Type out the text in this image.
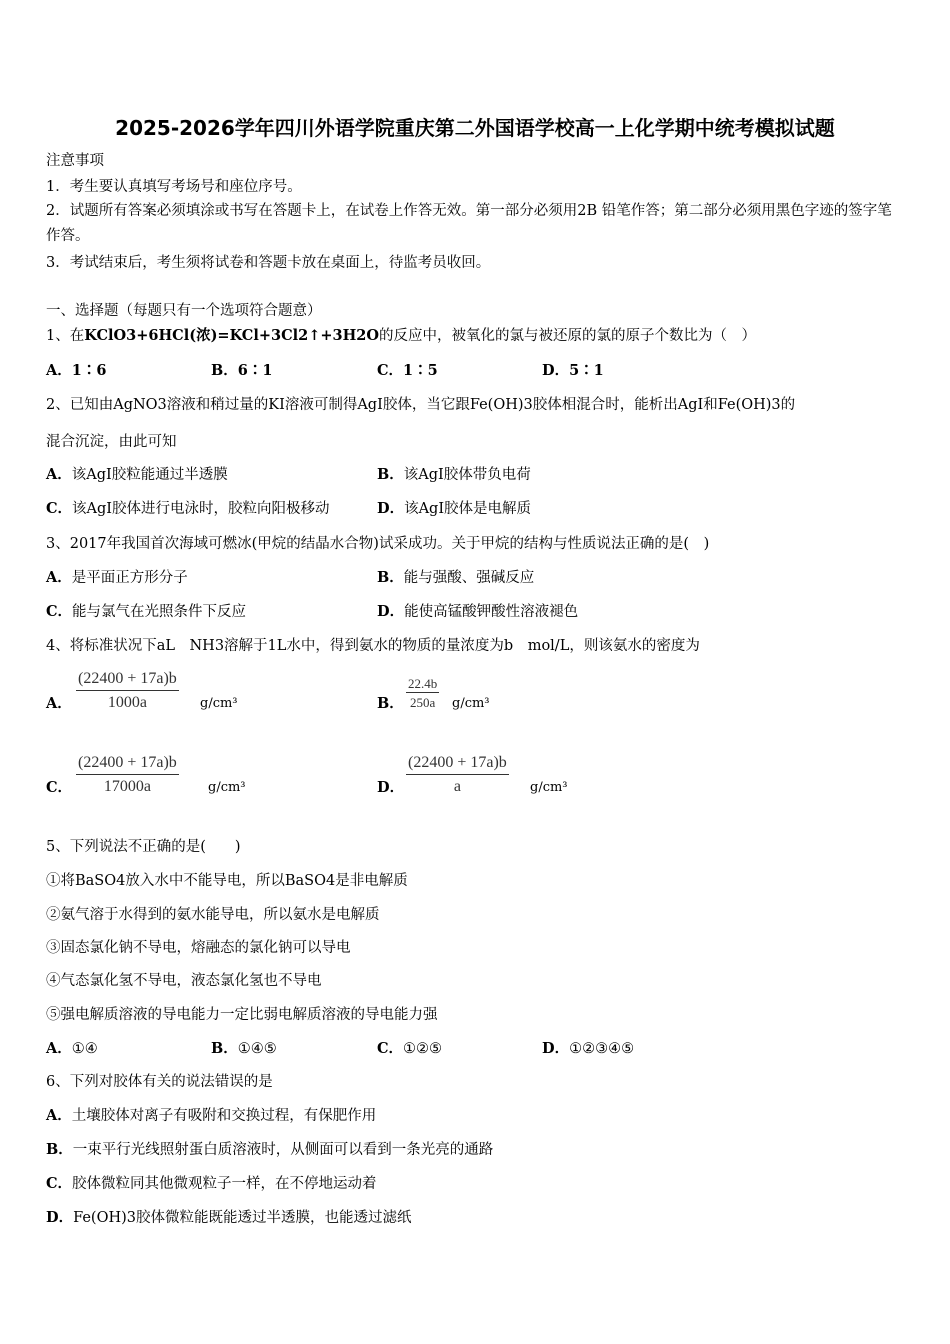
2025-2026学年四川外语学院重庆第二外国语学校高一上化学期中统考模拟试题
注意事项
1．考生要认真填写考场号和座位序号。
2．试题所有答案必须填涂或书写在答题卡上，在试卷上作答无效。第一部分必须用2B 铅笔作答；第二部分必须用黑色字迹的签字笔作答。
3．考试结束后，考生须将试卷和答题卡放在桌面上，待监考员收回。
一、选择题（每题只有一个选项符合题意）
1、在KClO3+6HCl(浓)=KCl+3Cl2↑+3H2O的反应中，被氧化的氯与被还原的氯的原子个数比为（　）
A．1∶6	B．6∶1	C．1∶5	D．5∶1
2、已知由AgNO3溶液和稍过量的KI溶液可制得AgI胶体，当它跟Fe(OH)3胶体相混合时，能析出AgI和Fe(OH)3的
混合沉淀，由此可知
A．该AgI胶粒能通过半透膜	B．该AgI胶体带负电荷
C．该AgI胶体进行电泳时，胶粒向阳极移动	D．该AgI胶体是电解质
3、2017年我国首次海域可燃冰(甲烷的结晶水合物)试采成功。关于甲烷的结构与性质说法正确的是(　)
A．是平面正方形分子	B．能与强酸、强碱反应
C．能与氯气在光照条件下反应	D．能使高锰酸钾酸性溶液褪色
4、将标准状况下aL　NH3溶解于1L水中，得到氨水的物质的量浓度为b　mol/L，则该氨水的密度为
A． $\frac{(22400 + 17a)b}{1000a} g/cm^3$	B． $\frac{22.4b}{250a} g/cm^3$
C． $\frac{(22400 + 17a)b}{17000a} g/cm^3$	D． $\frac{(22400 + 17a)b}{a} g/cm^3$
5、下列说法不正确的是(　　)
①将BaSO4放入水中不能导电，所以BaSO4是非电解质
②氨气溶于水得到的氨水能导电，所以氨水是电解质
③固态氯化钠不导电，熔融态的氯化钠可以导电
④气态氯化氢不导电，液态氯化氢也不导电
⑤强电解质溶液的导电能力一定比弱电解质溶液的导电能力强
A．①④	B．①④⑤	C．①②⑤	D．①②③④⑤
6、下列对胶体有关的说法错误的是
A．土壤胶体对离子有吸附和交换过程，有保肥作用
B．一束平行光线照射蛋白质溶液时，从侧面可以看到一条光亮的通路
C．胶体微粒同其他微观粒子一样，在不停地运动着
D．Fe(OH)3胶体微粒能既能透过半透膜，也能透过滤纸
